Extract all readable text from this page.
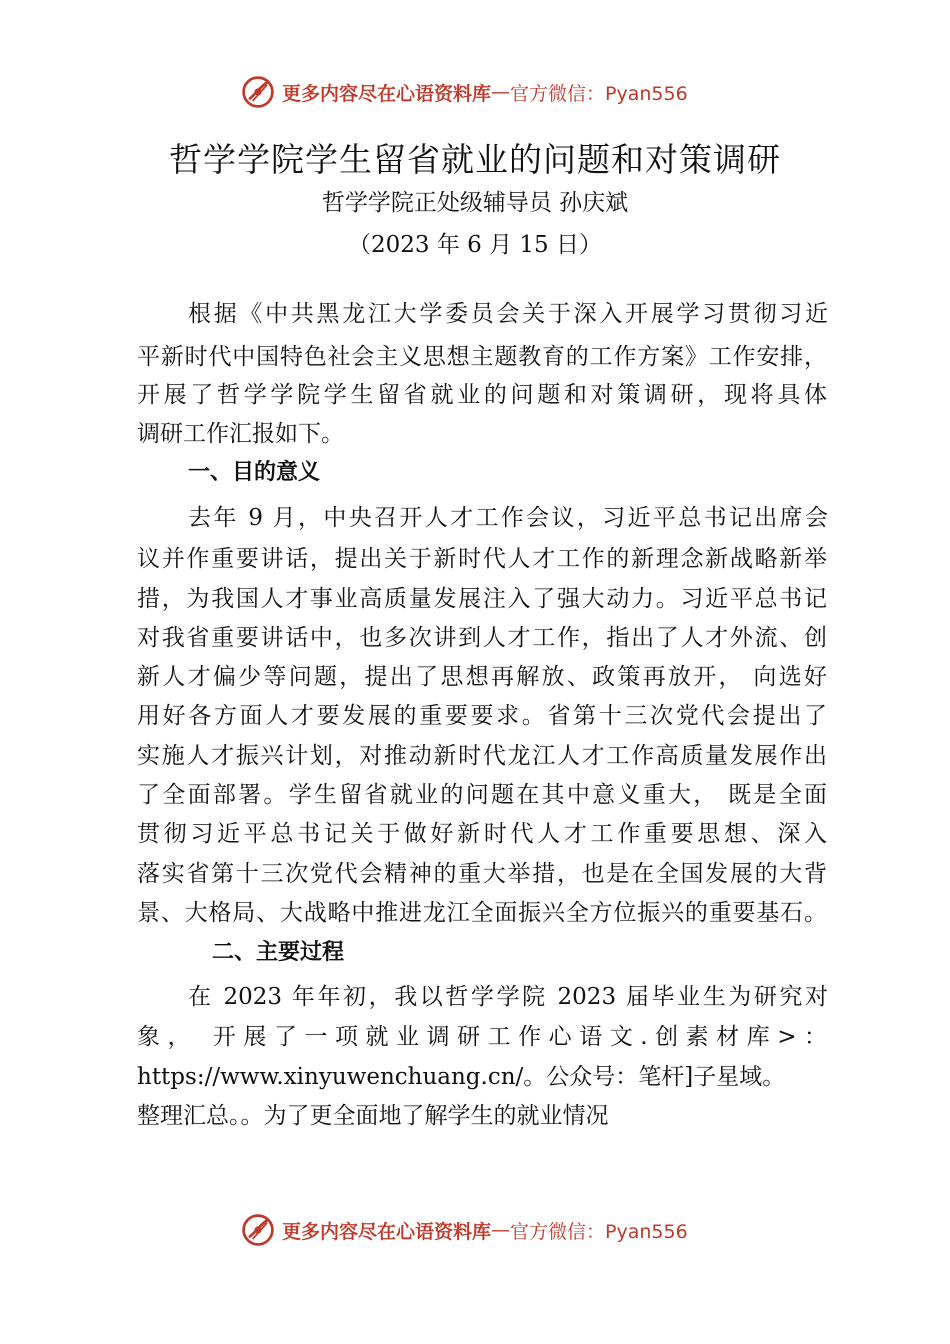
更多内容尽在心语资料库 — 官方微信：Pyan556
哲学学院学生留省就业的问题和对策调研
哲学学院正处级辅导员 孙庆斌
（2023 年 6 月 15 日）
根据《中共黑龙江大学委员会关于深入开展学习贯彻习近
平新时代中国特色社会主义思想主题教育的工作方案》工作安排，
开展了哲学学院学生留省就业的问题和对策调研，现将具体
调研工作汇报如下。
一、目的意义
去年 9 月，中央召开人才工作会议，习近平总书记出席会
议并作重要讲话，提出关于新时代人才工作的新理念新战略新举
措，为我国人才事业高质量发展注入了强大动力。习近平总书记
对我省重要讲话中，也多次讲到人才工作，指出了人才外流、创
新人才偏少等问题，提出了思想再解放、政策再放开， 向选好
用好各方面人才要发展的重要要求。省第十三次党代会提出了
实施人才振兴计划，对推动新时代龙江人才工作高质量发展作出
了全面部署。学生留省就业的问题在其中意义重大， 既是全面
贯彻习近平总书记关于做好新时代人才工作重要思想、深入
落实省第十三次党代会精神的重大举措，也是在全国发展的大背
景、大格局、大战略中推进龙江全面振兴全方位振兴的重要基石。
二、主要过程
在 2023 年年初，我以哲学学院 2023 届毕业生为研究对
象， 开展了一项就业调研工作心语文.创素材库>：
https://www.xinyuwenchuang.cn/。公众号：笔杆]子星域。
整理汇总。。为了更全面地了解学生的就业情况
更多内容尽在心语资料库 — 官方微信：Pyan556
